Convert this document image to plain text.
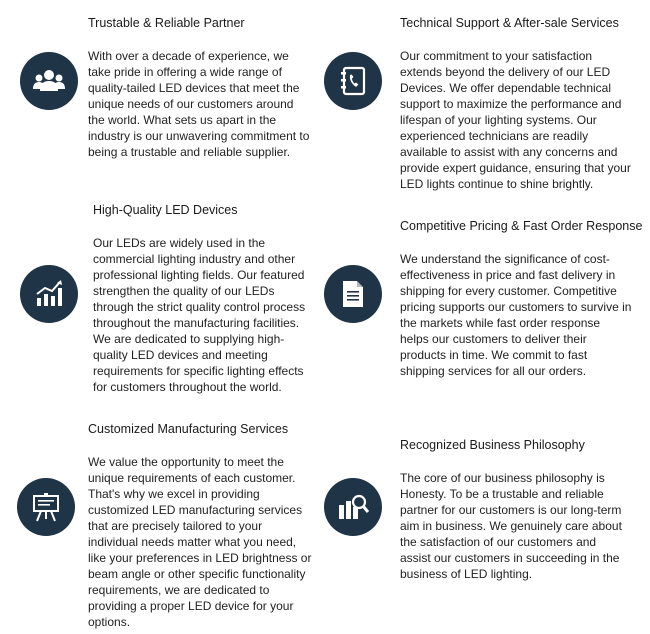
Trustable & Reliable Partner
With over a decade of experience, we take pride in offering a wide range of quality-tailed LED devices that meet the unique needs of our customers around the world. What sets us apart in the industry is our unwavering commitment to being a trustable and reliable supplier.
Technical Support & After-sale Services
Our commitment to your satisfaction extends beyond the delivery of our LED Devices. We offer dependable technical support to maximize the performance and lifespan of your lighting systems. Our experienced technicians are readily available to assist with any concerns and provide expert guidance, ensuring that your LED lights continue to shine brightly.
High-Quality LED Devices
Our LEDs are widely used in the commercial lighting industry and other professional lighting fields. Our featured strengthen the quality of our LEDs through the strict quality control process throughout the manufacturing facilities. We are dedicated to supplying high-quality LED devices and meeting requirements for specific lighting effects for customers throughout the world.
Competitive Pricing & Fast Order Response
We understand the significance of cost-effectiveness in price and fast delivery in shipping for every customer. Competitive pricing supports our customers to survive in the markets while fast order response helps our customers to deliver their products in time. We commit to fast shipping services for all our orders.
Customized Manufacturing Services
We value the opportunity to meet the unique requirements of each customer. That's why we excel in providing customized LED manufacturing services that are precisely tailored to your individual needs matter what you need, like your preferences in LED brightness or beam angle or other specific functionality requirements, we are dedicated to providing a proper LED device for your options.
Recognized Business Philosophy
The core of our business philosophy is Honesty. To be a trustable and reliable partner for our customers is our long-term aim in business. We genuinely care about the satisfaction of our customers and assist our customers in succeeding in the business of LED lighting.
